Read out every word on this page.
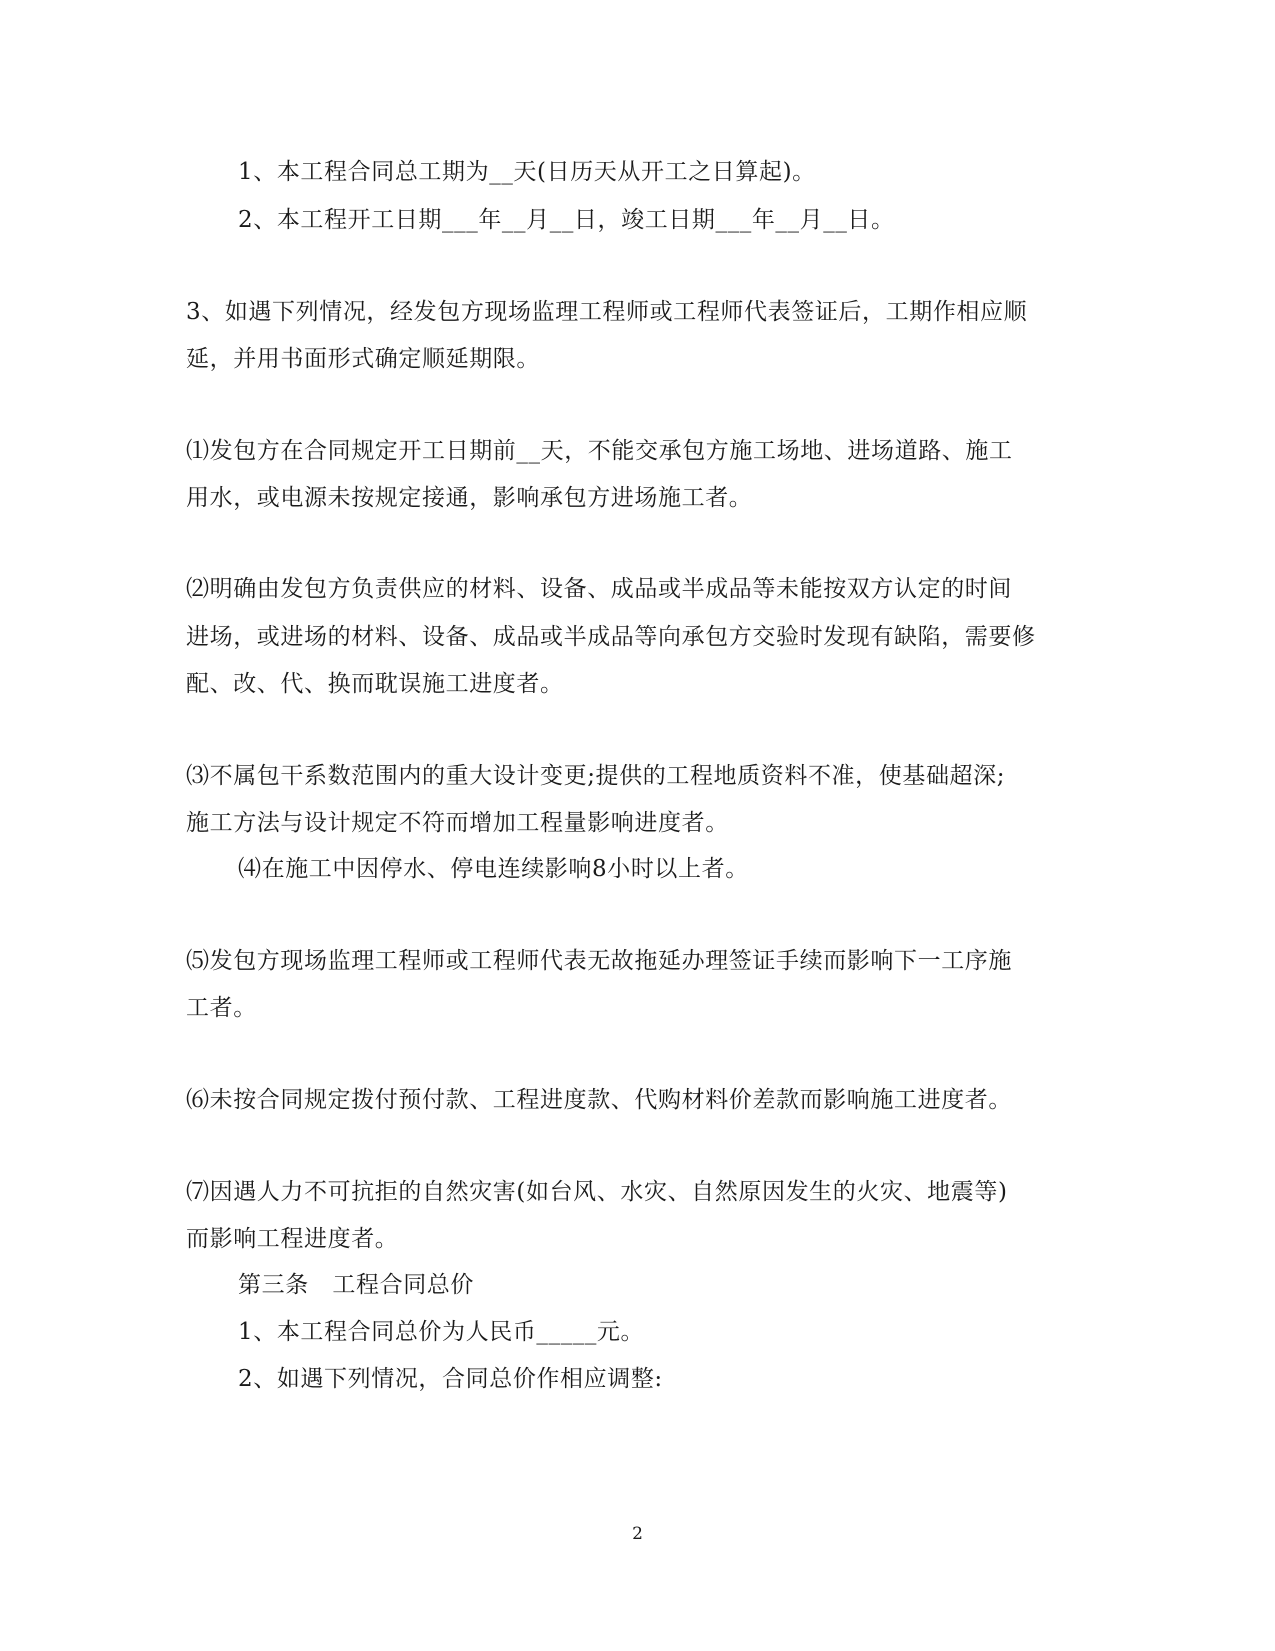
1、本工程合同总工期为__天(日历天从开工之日算起)。
2、本工程开工日期___年__月__日，竣工日期___年__月__日。
3、如遇下列情况，经发包方现场监理工程师或工程师代表签证后，工期作相应顺
延，并用书面形式确定顺延期限。
⑴发包方在合同规定开工日期前__天，不能交承包方施工场地、进场道路、施工
用水，或电源未按规定接通，影响承包方进场施工者。
⑵明确由发包方负责供应的材料、设备、成品或半成品等未能按双方认定的时间
进场，或进场的材料、设备、成品或半成品等向承包方交验时发现有缺陷，需要修
配、改、代、换而耽误施工进度者。
⑶不属包干系数范围内的重大设计变更;提供的工程地质资料不准，使基础超深;
施工方法与设计规定不符而增加工程量影响进度者。
⑷在施工中因停水、停电连续影响8小时以上者。
⑸发包方现场监理工程师或工程师代表无故拖延办理签证手续而影响下一工序施
工者。
⑹未按合同规定拨付预付款、工程进度款、代购材料价差款而影响施工进度者。
⑺因遇人力不可抗拒的自然灾害(如台风、水灾、自然原因发生的火灾、地震等)
而影响工程进度者。
第三条　工程合同总价
1、本工程合同总价为人民币_____元。
2、如遇下列情况，合同总价作相应调整:
2
